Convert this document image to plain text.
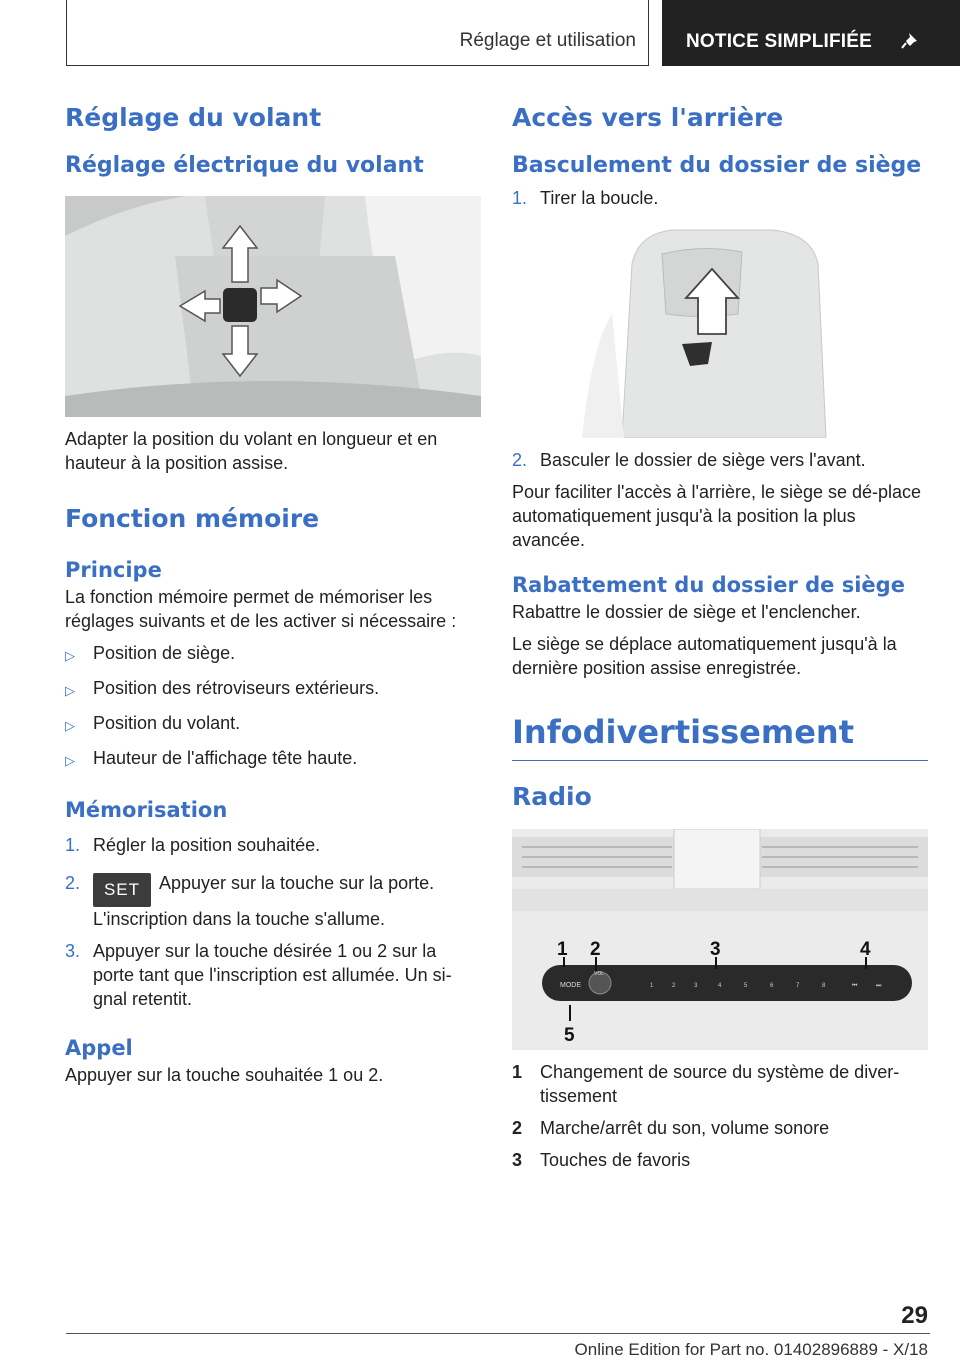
Réglage et utilisation	NOTICE SIMPLIFIÉE
Réglage du volant
Réglage électrique du volant

Adapter la position du volant en longueur et en hauteur à la position assise.

Fonction mémoire
Principe

La fonction mémoire permet de mémoriser les réglages suivants et de les activer si nécessaire :

▷	Position de siège.
▷	Position des rétroviseurs extérieurs.
▷	Position du volant.
▷	Hauteur de l'affichage tête haute.
Mémorisation
1. Régler la position souhaitée.
2.	SET Appuyer sur la touche sur la porte. L'inscription dans la touche s'allume.
3. Appuyer sur la touche désirée 1 ou 2 sur la porte tant que l'inscription est allumée. Un si‐gnal retentit.
Appel

Appuyer sur la touche souhaitée 1 ou 2.

Accès vers l'arrière
Basculement du dossier de siège
1. Tirer la boucle.
2. Basculer le dossier de siège vers l'avant.

Pour faciliter l'accès à l'arrière, le siège se dé‐place automatiquement jusqu'à la position la plus avancée.

Rabattement du dossier de siège

Rabattre le dossier de siège et l'enclencher.

Le siège se déplace automatiquement jusqu'à la dernière position assise enregistrée.

Infodivertissement
Radio
MODE
VOL
1	2	3	4	5	6	7	8	⏮	⏭
1 2	3	4
5
1 Changement de source du système de diver‐tissement
2 Marche/arrêt du son, volume sonore
3 Touches de favoris
29
Online Edition for Part no. 01402896889 - X/18
